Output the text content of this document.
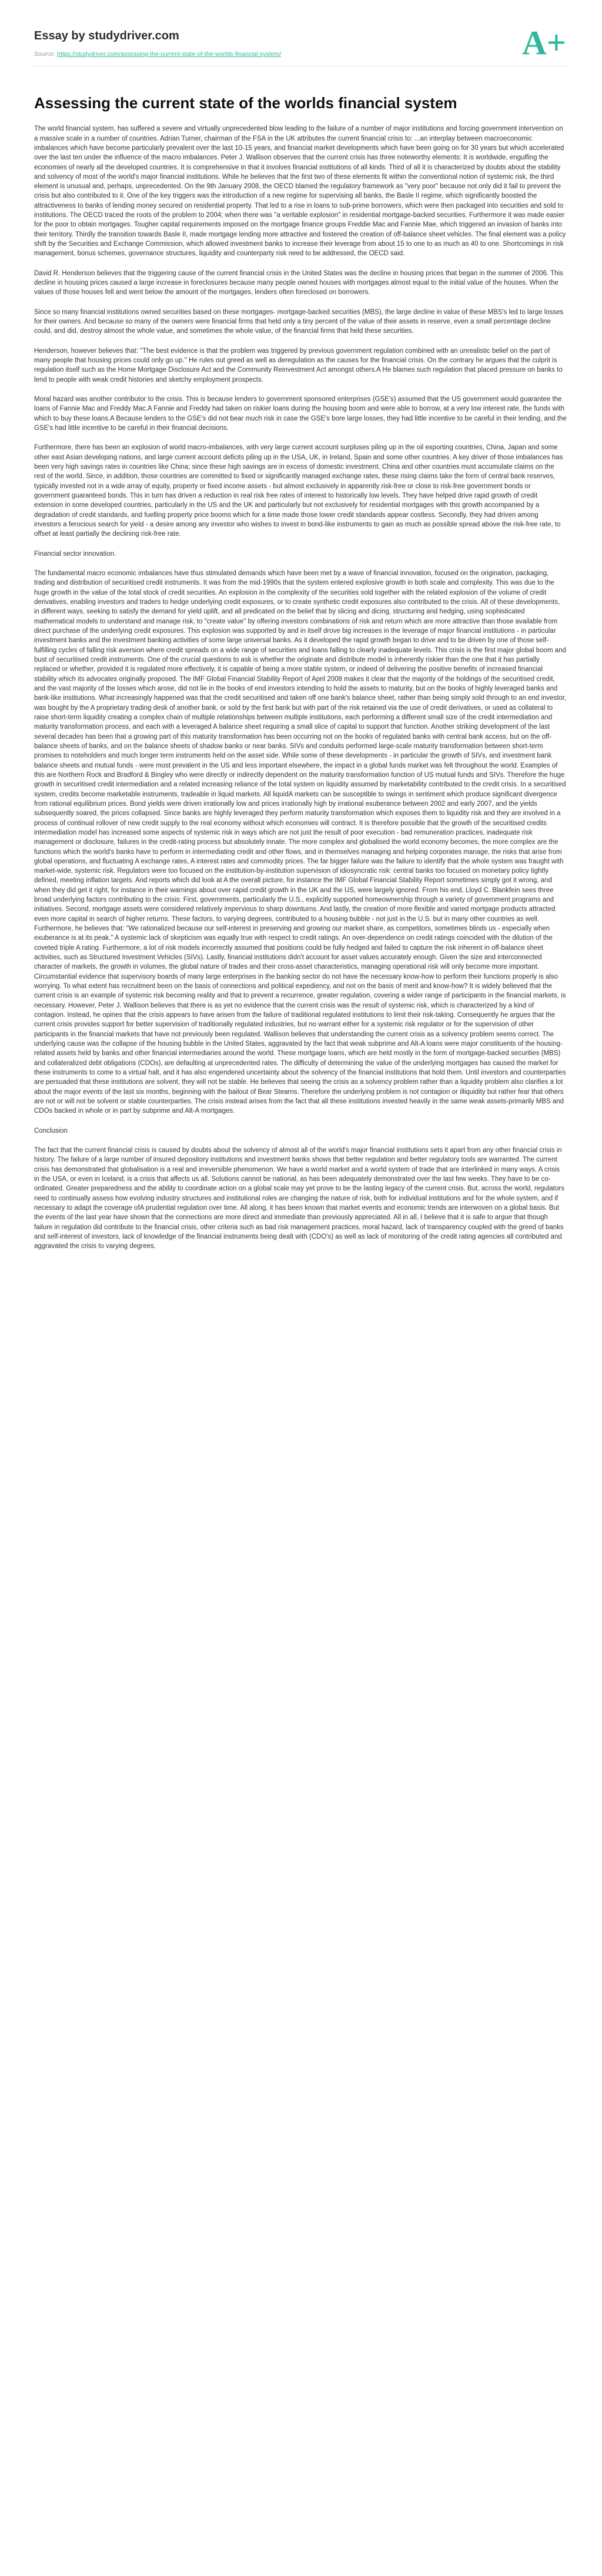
Essay by studydriver.com
Source: https://studydriver.com/assessing-the-current-state-of-the-worlds-financial-system/	A+
Assessing the current state of the worlds financial system

The world financial system, has suffered a severe and virtually unprecedented blow leading to the failure of a number of major institutions and forcing government intervention on a massive scale in a number of countries. Adrian Turner, chairman of the FSA in the UK attributes the current financial crisis to: ...an interplay between macroeconomic imbalances which have become particularly prevalent over the last 10-15 years, and financial market developments which have been going on for 30 years but which accelerated over the last ten under the influence of the macro imbalances. Peter J. Wallison observes that the current crisis has three noteworthy elements: It is worldwide, engulfing the economies of nearly all the developed countries. It is comprehensive in that it involves financial institutions of all kinds. Third of all it is characterized by doubts about the stability and solvency of most of the world's major financial institutions. While he believes that the first two of these elements fit within the conventional notion of systemic risk, the third element is unusual and, perhaps, unprecedented. On the 9th January 2008, the OECD blamed the regulatory framework as "very poor" because not only did it fail to prevent the crisis but also contributed to it. One of the key triggers was the introduction of a new regime for supervising all banks, the Basle II regime, which significantly boosted the attractiveness to banks of lending money secured on residential property. That led to a rise in loans to sub-prime borrowers, which were then packaged into securities and sold to institutions. The OECD traced the roots of the problem to 2004; when there was "a veritable explosion" in residential mortgage-backed securities. Furthermore it was made easier for the poor to obtain mortgages. Tougher capital requirements imposed on the mortgage finance groups Freddie Mac and Fannie Mae, which triggered an invasion of banks into their territory. Thirdly the transition towards Basle II, made mortgage lending more attractive and fostered the creation of off-balance sheet vehicles. The final element was a policy shift by the Securities and Exchange Commission, which allowed investment banks to increase their leverage from about 15 to one to as much as 40 to one. Shortcomings in risk management, bonus schemes, governance structures, liquidity and counterparty risk need to be addressed, the OECD said.

David R. Henderson believes that the triggering cause of the current financial crisis in the United States was the decline in housing prices that began in the summer of 2006. This decline in housing prices caused a large increase in foreclosures because many people owned houses with mortgages almost equal to the initial value of the houses. When the values of those houses fell and went below the amount of the mortgages, lenders often foreclosed on borrowers.

Since so many financial institutions owned securities based on these mortgages- mortgage-backed securities (MBS), the large decline in value of these MBS's led to large losses for their owners. And because so many of the owners were financial firms that held only a tiny percent of the value of their assets in reserve, even a small percentage decline could, and did, destroy almost the whole value, and sometimes the whole value, of the financial firms that held these securities.

Henderson, however believes that: "The best evidence is that the problem was triggered by previous government regulation combined with an unrealistic belief on the part of many people that housing prices could only go up." He rules out greed as well as deregulation as the causes for the financial crisis. On the contrary he argues that the culprit is regulation itself such as the Home Mortgage Disclosure Act and the Community Reinvestment Act amongst others.A He blames such regulation that placed pressure on banks to lend to people with weak credit histories and sketchy employment prospects.

Moral hazard was another contributor to the crisis. This is because lenders to government sponsored enterprises (GSE's) assumed that the US government would guarantee the loans of Fannie Mac and Freddy Mac.A Fannie and Freddy had taken on riskier loans during the housing boom and were able to borrow, at a very low interest rate, the funds with which to buy these loans.A Because lenders to the GSE's did not bear much risk in case the GSE's bore large losses, they had little incentive to be careful in their lending, and the GSE's had little incentive to be careful in their financial decisions.

Furthermore, there has been an explosion of world macro-imbalances, with very large current account surpluses piling up in the oil exporting countries, China, Japan and some other east Asian developing nations, and large current account deficits piling up in the USA, UK, in Ireland, Spain and some other countries. A key driver of those imbalances has been very high savings rates in countries like China; since these high savings are in excess of domestic investment, China and other countries must accumulate claims on the rest of the world. Since, in addition, those countries are committed to fixed or significantly managed exchange rates, these rising claims take the form of central bank reserves, typically invested not in a wide array of equity, property or fixed income assets - but almost exclusively in apparently risk-free or close to risk-free government bonds or government guaranteed bonds. This in turn has driven a reduction in real risk free rates of interest to historically low levels. They have helped drive rapid growth of credit extension in some developed countries, particularly in the US and the UK and particularly but not exclusively for residential mortgages with this growth accompanied by a degradation of credit standards, and fuelling property price booms which for a time made those lower credit standards appear costless. Secondly, they had driven among investors a ferocious search for yield - a desire among any investor who wishes to invest in bond-like instruments to gain as much as possible spread above the risk-free rate, to offset at least partially the declining risk-free rate.

Financial sector innovation.

The fundamental macro economic imbalances have thus stimulated demands which have been met by a wave of financial innovation, focused on the origination, packaging, trading and distribution of securitised credit instruments. It was from the mid-1990s that the system entered explosive growth in both scale and complexity. This was due to the huge growth in the value of the total stock of credit securities. An explosion in the complexity of the securities sold together with the related explosion of the volume of credit derivatives, enabling investors and traders to hedge underlying credit exposures, or to create synthetic credit exposures also contributed to the crisis. All of these developments, in different ways, seeking to satisfy the demand for yield uplift, and all predicated on the belief that by slicing and dicing, structuring and hedging, using sophisticated mathematical models to understand and manage risk, to "create value" by offering investors combinations of risk and return which are more attractive than those available from direct purchase of the underlying credit exposures. This explosion was supported by and in itself drove big increases in the leverage of major financial institutions - in particular investment banks and the investment banking activities of some large universal banks. As it developed the rapid growth began to drive and to be driven by one of those self-fulfilling cycles of falling risk aversion where credit spreads on a wide range of securities and loans falling to clearly inadequate levels. This crisis is the first major global boom and bust of securitised credit instruments. One of the crucial questions to ask is whether the originate and distribute model is inherently riskier than the one that it has partially replaced or whether, provided it is regulated more effectively, it is capable of being a more stable system, or indeed of delivering the positive benefits of increased financial stability which its advocates originally proposed. The IMF Global Financial Stability Report of April 2008 makes it clear that the majority of the holdings of the securitised credit, and the vast majority of the losses which arose, did not lie in the books of end investors intending to hold the assets to maturity, but on the books of highly leveraged banks and bank-like institutions. What increasingly happened was that the credit securitised and taken off one bank's balance sheet, rather than being simply sold through to an end investor, was bought by the A proprietary trading desk of another bank, or sold by the first bank but with part of the risk retained via the use of credit derivatives, or used as collateral to raise short-term liquidity creating a complex chain of multiple relationships between multiple institutions, each performing a different small size of the credit intermediation and maturity transformation process, and each with a leveraged A balance sheet requiring a small slice of capital to support that function. Another striking development of the last several decades has been that a growing part of this maturity transformation has been occurring not on the books of regulated banks with central bank access, but on the off-balance sheets of banks, and on the balance sheets of shadow banks or near banks. SIVs and conduits performed large-scale maturity transformation between short-term promises to noteholders and much longer term instruments held on the asset side. While some of these developments - in particular the growth of SIVs, and investment bank balance sheets and mutual funds - were most prevalent in the US and less important elsewhere, the impact in a global funds market was felt throughout the world. Examples of this are Northern Rock and Bradford & Bingley who were directly or indirectly dependent on the maturity transformation function of US mutual funds and SIVs. Therefore the huge growth in securitised credit intermediation and a related increasing reliance of the total system on liquidity assumed by marketability contributed to the credit crisis. In a securitised system, credits become marketable instruments, tradeable in liquid markets. All liquidA markets can be susceptible to swings in sentiment which produce significant divergence from rational equilibrium prices. Bond yields were driven irrationally low and prices irrationally high by irrational exuberance between 2002 and early 2007, and the yields subsequently soared, the prices collapsed. Since banks are highly leveraged they perform maturity transformation which exposes them to liquidity risk and they are involved in a process of continual rollover of new credit supply to the real economy without which economies will contract. It is therefore possible that the growth of the securitised credits intermediation model has increased some aspects of systemic risk in ways which are not just the result of poor execution - bad remuneration practices, inadequate risk management or disclosure, failures in the credit-rating process but absolutely innate. The more complex and globalised the world economy becomes, the more complex are the functions which the world's banks have to perform in intermediating credit and other flows, and in themselves managing and helping corporates manage, the risks that arise from global operations, and fluctuating A exchange rates, A interest rates and commodity prices. The far bigger failure was the failure to identify that the whole system was fraught with market-wide, systemic risk. Regulators were too focused on the institution-by-institution supervision of idiosyncratic risk: central banks too focused on monetary policy tightly defined, meeting inflation targets. And reports which did look at A the overall picture, for instance the IMF Global Financial Stability Report sometimes simply got it wrong, and when they did get it right, for instance in their warnings about over rapid credit growth in the UK and the US, were largely ignored. From his end, Lloyd C. Blankfein sees three broad underlying factors contributing to the crisis: First, governments, particularly the U.S., explicitly supported homeownership through a variety of government programs and initiatives. Second, mortgage assets were considered relatively impervious to sharp downturns. And lastly, the creation of more flexible and varied mortgage products attracted even more capital in search of higher returns. These factors, to varying degrees, contributed to a housing bubble - not just in the U.S. but in many other countries as well. Furthermore, he believes that: "We rationalized because our self-interest in preserving and growing our market share, as competitors, sometimes blinds us - especially when exuberance is at its peak." A systemic lack of skepticism was equally true with respect to credit ratings. An over-dependence on credit ratings coincided with the dilution of the coveted triple A rating. Furthermore, a lot of risk models incorrectly assumed that positions could be fully hedged and failed to capture the risk inherent in off-balance sheet activities, such as Structured Investment Vehicles (SIVs). Lastly, financial institutions didn't account for asset values accurately enough. Given the size and interconnected character of markets, the growth in volumes, the global nature of trades and their cross-asset characteristics, managing operational risk will only become more important. Circumstantial evidence that supervisory boards of many large enterprises in the banking sector do not have the necessary know-how to perform their functions properly is also worrying. To what extent has recruitment been on the basis of connections and political expediency, and not on the basis of merit and know-how? It is widely believed that the current crisis is an example of systemic risk becoming reality and that to prevent a recurrence, greater regulation, covering a wider range of participants in the financial markets, is necessary. However, Peter J. Wallison believes that there is as yet no evidence that the current crisis was the result of systemic risk, which is characterized by a kind of contagion. Instead, he opines that the crisis appears to have arisen from the failure of traditional regulated institutions to limit their risk-taking. Consequently he argues that the current crisis provides support for better supervision of traditionally regulated industries, but no warrant either for a systemic risk regulator or for the supervision of other participants in the financial markets that have not previously been regulated. Wallison believes that understanding the current crisis as a solvency problem seems correct. The underlying cause was the collapse of the housing bubble in the United States, aggravated by the fact that weak subprime and Alt-A loans were major constituents of the housing-related assets held by banks and other financial intermediaries around the world. These mortgage loans, which are held mostly in the form of mortgage-backed securities (MBS) and collateralized debt obligations (CDOs), are defaulting at unprecedented rates. The difficulty of determining the value of the underlying mortgages has caused the market for these instruments to come to a virtual halt, and it has also engendered uncertainty about the solvency of the financial institutions that hold them. Until investors and counterparties are persuaded that these institutions are solvent, they will not be stable. He believes that seeing the crisis as a solvency problem rather than a liquidity problem also clarifies a lot about the major events of the last six months, beginning with the bailout of Bear Stearns. Therefore the underlying problem is not contagion or illiquidity but rather fear that others are not or will not be solvent or stable counterparties. The crisis instead arises from the fact that all these institutions invested heavily in the same weak assets-primarily MBS and CDOs backed in whole or in part by subprime and Alt-A mortgages.

Conclusion

The fact that the current financial crisis is caused by doubts about the solvency of almost all of the world's major financial institutions sets it apart from any other financial crisis in history. The failure of a large number of insured depository institutions and investment banks shows that better regulation and better regulatory tools are warranted. The current crisis has demonstrated that globalisation is a real and irreversible phenomenon. We have a world market and a world system of trade that are interlinked in many ways. A crisis in the USA, or even in Iceland, is a crisis that affects us all. Solutions cannot be national, as has been adequately demonstrated over the last few weeks. They have to be co-ordinated. Greater preparedness and the ability to coordinate action on a global scale may yet prove to be the lasting legacy of the current crisis. But, across the world, regulators need to continually assess how evolving industry structures and institutional roles are changing the nature of risk, both for individual institutions and for the whole system, and if necessary to adapt the coverage ofA prudential regulation over time. All along, it has been known that market events and economic trends are interwoven on a global basis. But the events of the last year have shown that the connections are more direct and immediate than previously appreciated. All in all, I believe that it is safe to argue that though failure in regulation did contribute to the financial crisis, other criteria such as bad risk management practices, moral hazard, lack of transparency coupled with the greed of banks and self-interest of investors, lack of knowledge of the financial instruments being dealt with (CDO's) as well as lack of monitoring of the credit rating agencies all contributed and aggravated the crisis to varying degrees.
